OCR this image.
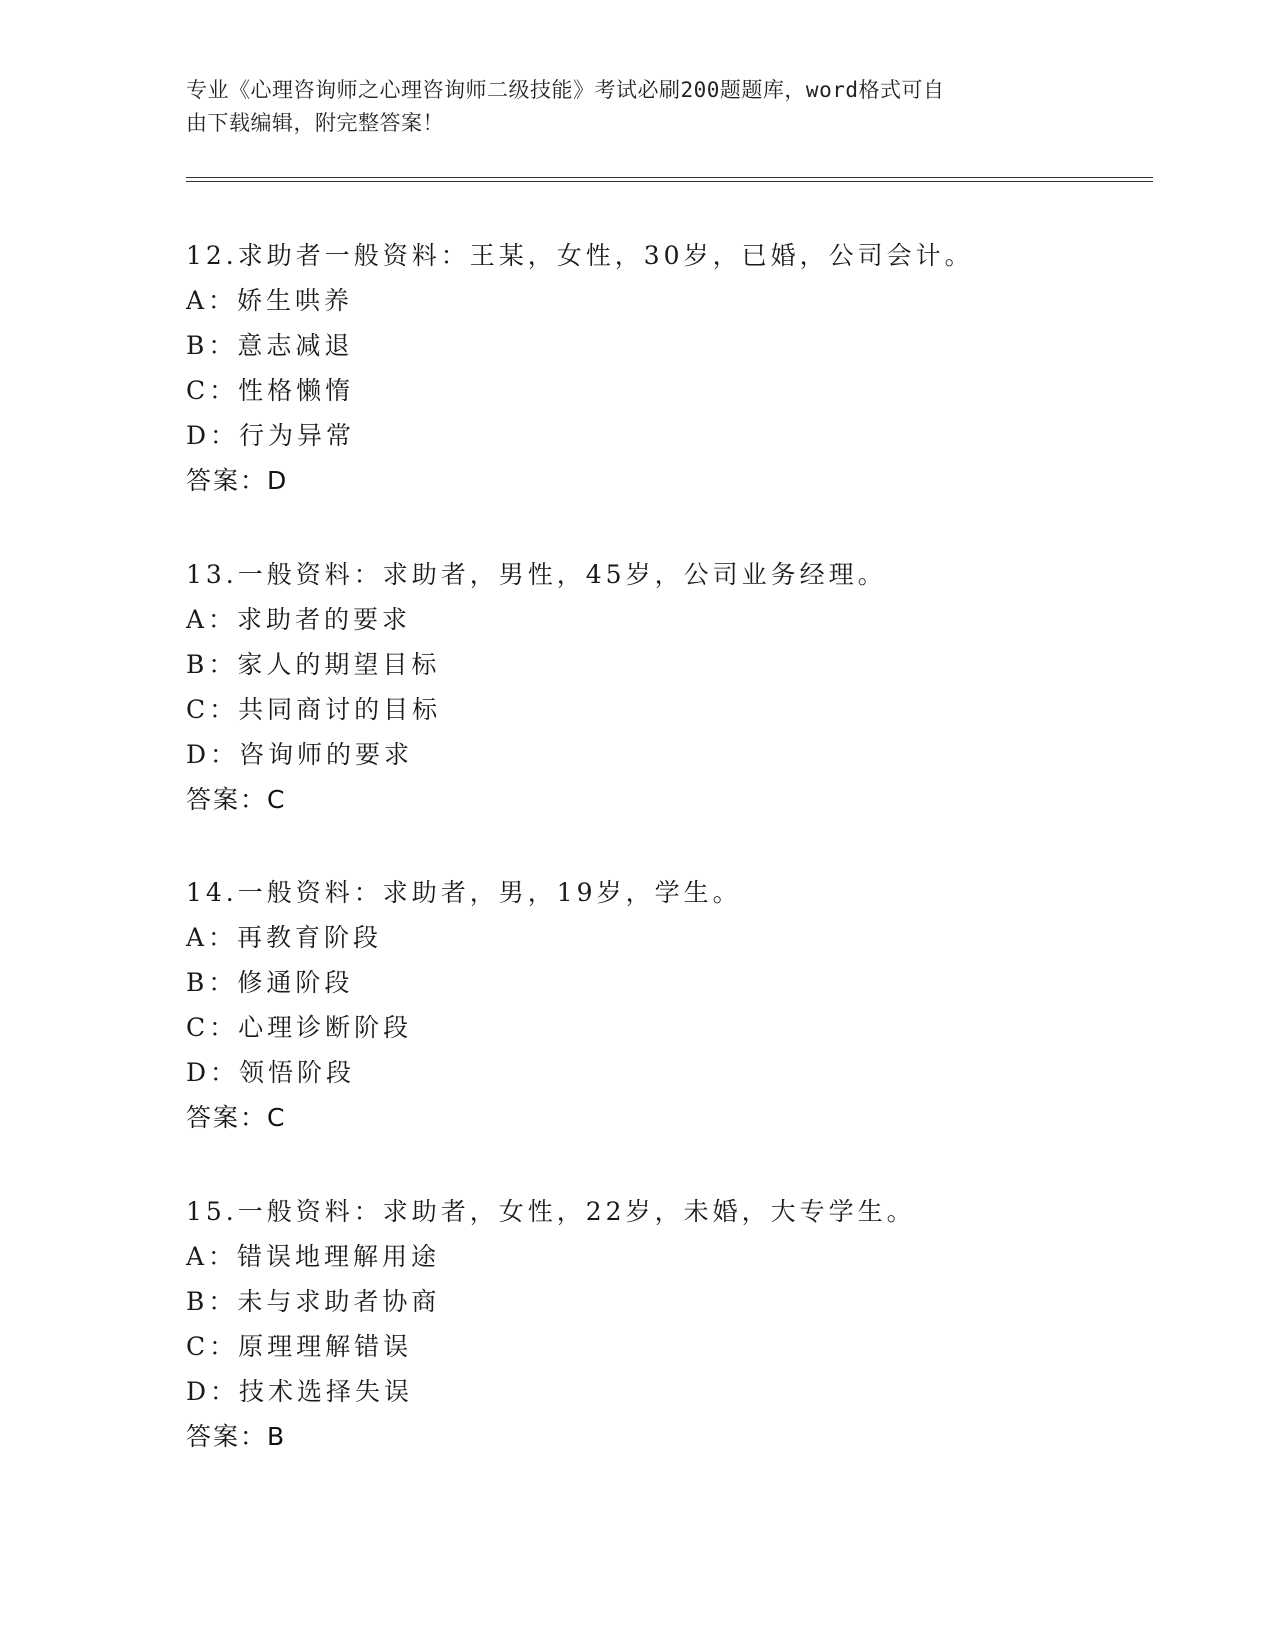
专业《心理咨询师之心理咨询师二级技能》考试必刷200题题库，word格式可自
由下载编辑，附完整答案！
12.求助者一般资料：王某，女性，30岁，已婚，公司会计。
A：娇生哄养
B：意志减退
C：性格懒惰
D：行为异常
答案：D
13.一般资料：求助者，男性，45岁，公司业务经理。
A：求助者的要求
B：家人的期望目标
C：共同商讨的目标
D：咨询师的要求
答案：C
14.一般资料：求助者，男，19岁，学生。
A：再教育阶段
B：修通阶段
C：心理诊断阶段
D：领悟阶段
答案：C
15.一般资料：求助者，女性，22岁，未婚，大专学生。
A：错误地理解用途
B：未与求助者协商
C：原理理解错误
D：技术选择失误
答案：B
